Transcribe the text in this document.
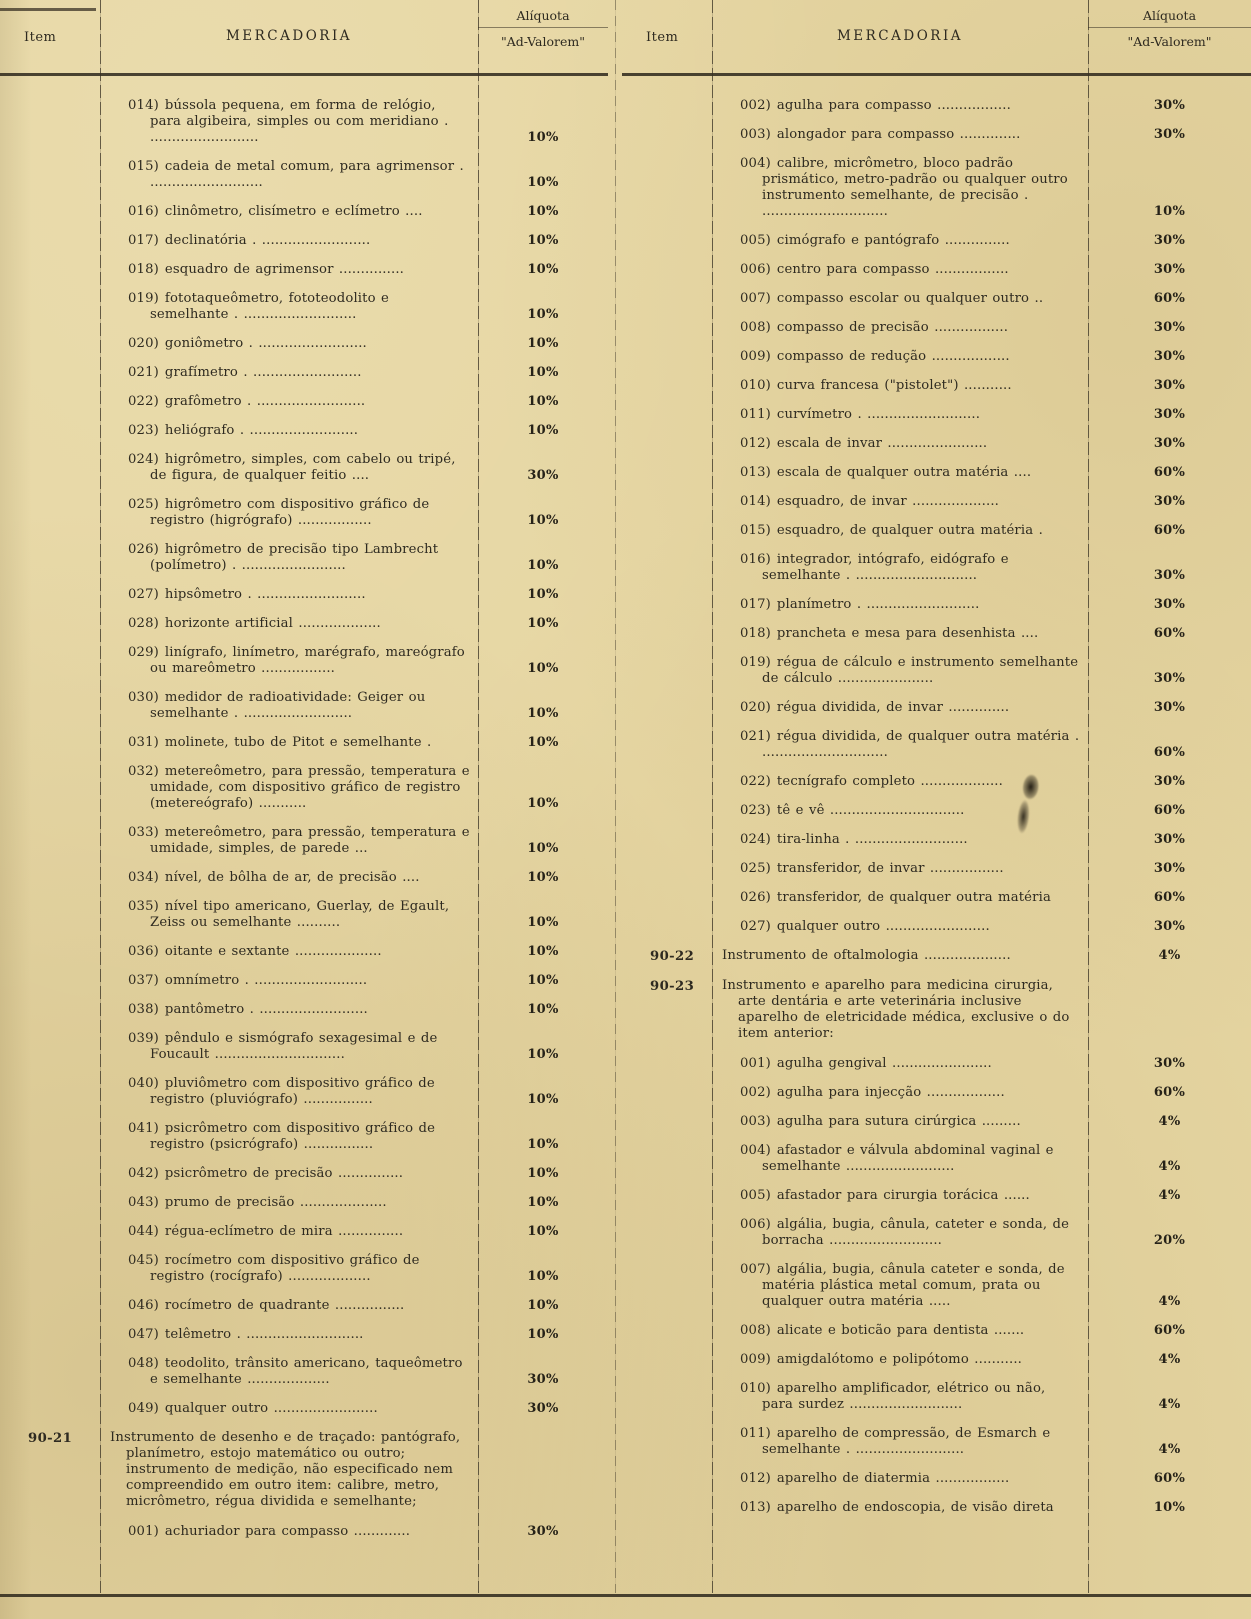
Item	MERCADORIA
Alíquota
"Ad-Valorem"
014) bússola pequena, em forma de relógio, para algibeira, simples ou com meridiano . .........................	10%
015) cadeia de metal comum, para agrimensor . ..........................	10%
016) clinômetro, clisímetro e eclímetro ....	10%
017) declinatória . .........................	10%
018) esquadro de agrimensor ...............	10%
019) fototaqueômetro, fototeodolito e semelhante . ..........................	10%
020) goniômetro . .........................	10%
021) grafímetro . .........................	10%
022) grafômetro . .........................	10%
023) heliógrafo . .........................	10%
024) higrômetro, simples, com cabelo ou tripé, de figura, de qualquer feitio ....	30%
025) higrômetro com dispositivo gráfico de registro (higrógrafo) .................	10%
026) higrômetro de precisão tipo Lambrecht (polímetro) . ........................	10%
027) hipsômetro . .........................	10%
028) horizonte artificial ...................	10%
029) linígrafo, linímetro, marégrafo, mareógrafo ou mareômetro .................	10%
030) medidor de radioatividade: Geiger ou semelhante . .........................	10%
031) molinete, tubo de Pitot e semelhante .	10%
032) metereômetro, para pressão, temperatura e umidade, com dispositivo gráfico de registro (metereógrafo) ...........	10%
033) metereômetro, para pressão, temperatura e umidade, simples, de parede ...	10%
034) nível, de bôlha de ar, de precisão ....	10%
035) nível tipo americano, Guerlay, de Egault, Zeiss ou semelhante ..........	10%
036) oitante e sextante ....................	10%
037) omnímetro . ..........................	10%
038) pantômetro . .........................	10%
039) pêndulo e sismógrafo sexagesimal e de Foucault ..............................	10%
040) pluviômetro com dispositivo gráfico de registro (pluviógrafo) ................	10%
041) psicrômetro com dispositivo gráfico de registro (psicrógrafo) ................	10%
042) psicrômetro de precisão ...............	10%
043) prumo de precisão ....................	10%
044) régua-eclímetro de mira ...............	10%
045) rocímetro com dispositivo gráfico de registro (rocígrafo) ...................	10%
046) rocímetro de quadrante ................	10%
047) telêmetro . ...........................	10%
048) teodolito, trânsito americano, taqueômetro e semelhante ...................	30%
049) qualquer outro ........................	30%
90-21	Instrumento de desenho e de traçado: pantógrafo, planímetro, estojo matemático ou outro; instrumento de medição, não especificado nem compreendido em outro item: calibre, metro, micrômetro, régua dividida e semelhante;
001) achuriador para compasso .............	30%
Item	MERCADORIA
Alíquota
"Ad-Valorem"
002) agulha para compasso .................	30%
003) alongador para compasso ..............	30%
004) calibre, micrômetro, bloco padrão prismático, metro-padrão ou qualquer outro instrumento semelhante, de precisão . .............................	10%
005) cimógrafo e pantógrafo ...............	30%
006) centro para compasso .................	30%
007) compasso escolar ou qualquer outro ..	60%
008) compasso de precisão .................	30%
009) compasso de redução ..................	30%
010) curva francesa ("pistolet") ...........	30%
011) curvímetro . ..........................	30%
012) escala de invar .......................	30%
013) escala de qualquer outra matéria ....	60%
014) esquadro, de invar ....................	30%
015) esquadro, de qualquer outra matéria .	60%
016) integrador, intógrafo, eidógrafo e semelhante . ............................	30%
017) planímetro . ..........................	30%
018) prancheta e mesa para desenhista ....	60%
019) régua de cálculo e instrumento semelhante de cálculo ......................	30%
020) régua dividida, de invar ..............	30%
021) régua dividida, de qualquer outra matéria . .............................	60%
022) tecnígrafo completo ...................	30%
023) tê e vê ...............................	60%
024) tira-linha . ..........................	30%
025) transferidor, de invar .................	30%
026) transferidor, de qualquer outra matéria	60%
027) qualquer outro ........................	30%
90-22	Instrumento de oftalmologia ....................	4%
90-23	Instrumento e aparelho para medicina cirurgia, arte dentária e arte veterinária inclusive aparelho de eletricidade médica, exclusive o do item anterior:
001) agulha gengival .......................	30%
002) agulha para injecção ..................	60%
003) agulha para sutura cirúrgica .........	4%
004) afastador e válvula abdominal vaginal e semelhante .........................	4%
005) afastador para cirurgia torácica ......	4%
006) algália, bugia, cânula, cateter e sonda, de borracha ..........................	20%
007) algália, bugia, cânula cateter e sonda, de matéria plástica metal comum, prata ou qualquer outra matéria .....	4%
008) alicate e boticão para dentista .......	60%
009) amigdalótomo e polipótomo ...........	4%
010) aparelho amplificador, elétrico ou não, para surdez ..........................	4%
011) aparelho de compressão, de Esmarch e semelhante . .........................	4%
012) aparelho de diatermia .................	60%
013) aparelho de endoscopia, de visão direta	10%
